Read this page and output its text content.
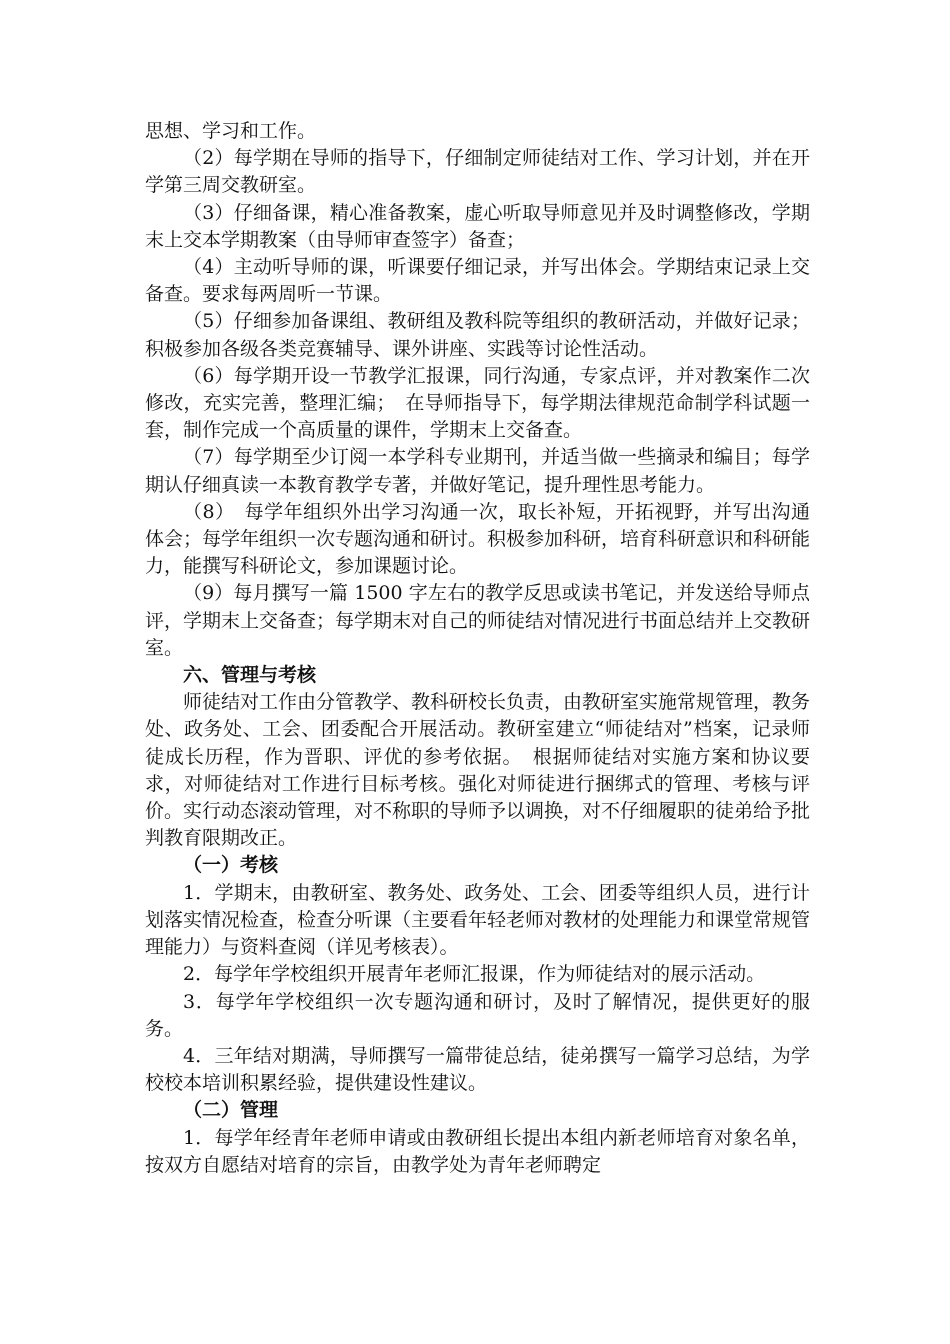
思想、学习和工作。

（2）每学期在导师的指导下，仔细制定师徒结对工作、学习计划，并在开学第三周交教研室。

（3）仔细备课，精心准备教案，虚心听取导师意见并及时调整修改，学期末上交本学期教案（由导师审查签字）备查；

（4）主动听导师的课，听课要仔细记录，并写出体会。学期结束记录上交备查。要求每两周听一节课。

（5）仔细参加备课组、教研组及教科院等组织的教研活动，并做好记录；积极参加各级各类竞赛辅导、课外讲座、实践等讨论性活动。

（6）每学期开设一节教学汇报课，同行沟通，专家点评，并对教案作二次修改，充实完善，整理汇编；　在导师指导下，每学期法律规范命制学科试题一套，制作完成一个高质量的课件，学期末上交备查。

（7）每学期至少订阅一本学科专业期刊，并适当做一些摘录和编目；每学期认仔细真读一本教育教学专著，并做好笔记，提升理性思考能力。

（8）　每学年组织外出学习沟通一次，取长补短，开拓视野，并写出沟通体会；每学年组织一次专题沟通和研讨。积极参加科研，培育科研意识和科研能力，能撰写科研论文，参加课题讨论。

（9）每月撰写一篇 1500 字左右的教学反思或读书笔记，并发送给导师点评，学期末上交备查；每学期末对自己的师徒结对情况进行书面总结并上交教研室。

六、管理与考核

师徒结对工作由分管教学、教科研校长负责，由教研室实施常规管理，教务处、政务处、工会、团委配合开展活动。教研室建立“师徒结对”档案，记录师徒成长历程，作为晋职、评优的参考依据。　根据师徒结对实施方案和协议要求，对师徒结对工作进行目标考核。强化对师徒进行捆绑式的管理、考核与评价。实行动态滚动管理，对不称职的导师予以调换，对不仔细履职的徒弟给予批判教育限期改正。

（一）考核

1．学期末，由教研室、教务处、政务处、工会、团委等组织人员，进行计划落实情况检查，检查分听课（主要看年轻老师对教材的处理能力和课堂常规管理能力）与资料查阅（详见考核表）。

2．每学年学校组织开展青年老师汇报课，作为师徒结对的展示活动。

3．每学年学校组织一次专题沟通和研讨，及时了解情况，提供更好的服务。

4．三年结对期满，导师撰写一篇带徒总结，徒弟撰写一篇学习总结，为学校校本培训积累经验，提供建设性建议。

（二）管理

1．每学年经青年老师申请或由教研组长提出本组内新老师培育对象名单，按双方自愿结对培育的宗旨，由教学处为青年老师聘定
